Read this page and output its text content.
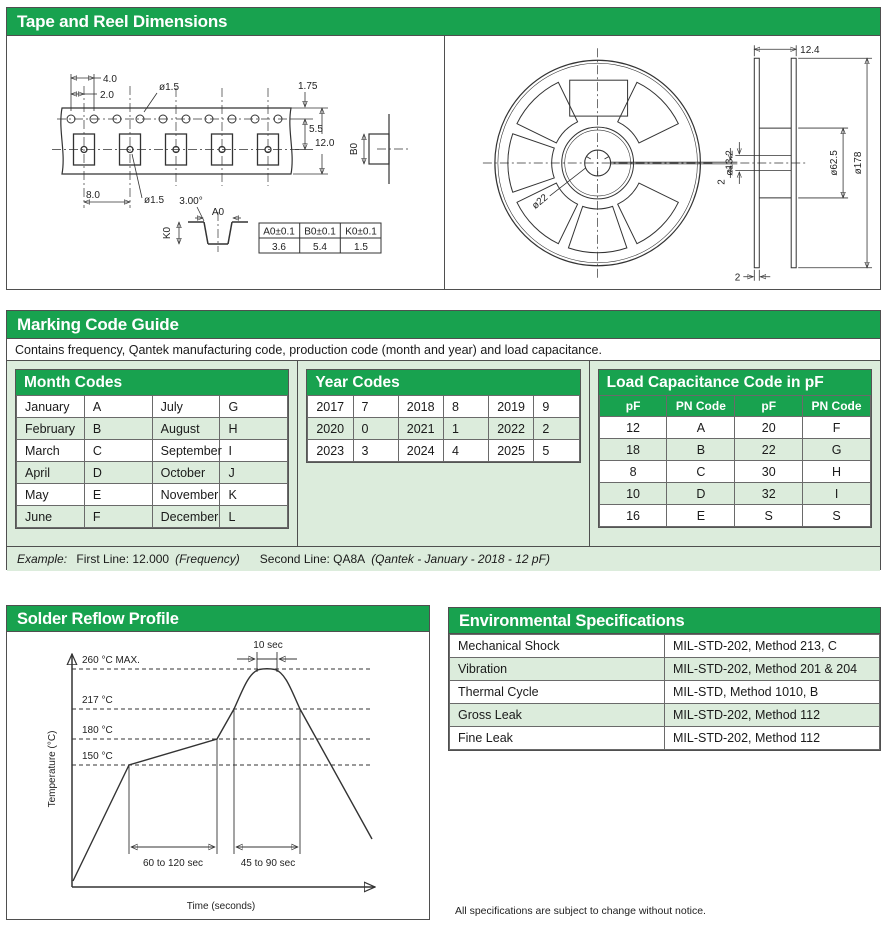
Tape and Reel Dimensions
4.0
2.0
ø1.5	1.75
5.5
12.0
8.0	ø1.5 3.00°
A0
K0	A0±0.1 B0±0.1 K0±0.1
3.6	5.4	1.5
B0
2
ø22
12.4
ø178
ø62.5
ø13.2
2
Marking Code Guide
Contains frequency, Qantek manufacturing code, production code (month and year) and load capacitance.
Month Codes
January	A	July	G
February	B	August	H
March	C	September	I
April	D	October	J
May	E	November	K
June	F	December	L
Year Codes
2017	7	2018	8	2019	9
2020	0	2021	1	2022	2
2023	3	2024	4	2025	5
Load Capacitance Code in pF
pF	PN Code	pF	PN Code
12	A	20	F
18	B	22	G
8	C	30	H
10	D	32	I
16	E	S	S
Example: First Line: 12.000 (Frequency) Second Line: QA8A (Qantek - January - 2018 - 12 pF)
Solder Reflow Profile
260 °C MAX.
217 °C
180 °C
150 °C
10 sec
60 to 120 sec	45 to 90 sec
Temperature (°C)
Time (seconds)
Environmental Specifications
Mechanical Shock	MIL-STD-202, Method 213, C
Vibration	MIL-STD-202, Method 201 & 204
Thermal Cycle	MIL-STD, Method 1010, B
Gross Leak	MIL-STD-202, Method 112
Fine Leak	MIL-STD-202, Method 112
All specifications are subject to change without notice.
